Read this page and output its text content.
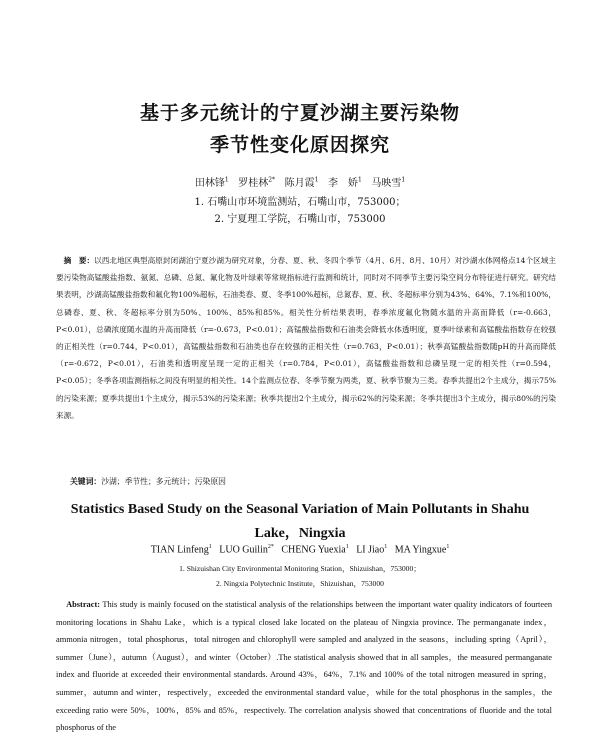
基于多元统计的宁夏沙湖主要污染物
季节性变化原因探究
田林锋$^1$ 罗桂林$^{2*}$ 陈月霞$^1$ 李　娇$^1$ 马映雪$^1$
1. 石嘴山市环境监测站，石嘴山市，753000；
2. 宁夏理工学院，石嘴山市，753000
摘　要：以西北地区典型高原封闭湖泊宁夏沙湖为研究对象，分春、夏、秋、冬四个季节（4月、6月、8月、10月）对沙湖水体网格点14个区域主要污染物高锰酸盐指数、氨氮、总磷、总氮、氟化物及叶绿素等常规指标进行监测和统计，同时对不同季节主要污染空间分布特征进行研究。研究结果表明，沙湖高锰酸盐指数和氟化物100%超标，石油类春、夏、冬季100%超标，总氮春、夏、秋、冬超标率分别为43%、64%、7.1%和100%，总磷春、夏、秋、冬超标率分别为50%、100%、85%和85%。相关性分析结果表明，春季浓度氟化物随水温的升高而降低（r=-0.663，P<0.01），总磷浓度随水温的升高而降低（r=-0.673，P<0.01）；高锰酸盐指数和石油类会降低水体透明度，夏季叶绿素和高锰酸盐指数存在较强的正相关性（r=0.744，P<0.01），高锰酸盐指数和石油类也存在较强的正相关性（r=0.763，P<0.01）；秋季高锰酸盐指数随pH的升高而降低（r=-0.672，P<0.01），石油类和透明度呈现一定的正相关（r=0.784，P<0.01），高锰酸盐指数和总磷呈现一定的相关性（r=0.594，P<0.05）；冬季各项监测指标之间没有明显的相关性。14个监测点位春、冬季节聚为两类，夏、秋季节聚为三类。春季共提出2个主成分，揭示75%的污染来源；夏季共提出1个主成分，揭示53%的污染来源；秋季共提出2个主成分，揭示62%的污染来源；冬季共提出3个主成分，揭示80%的污染来源。
关键词：沙湖；季节性；多元统计；污染原因
Statistics Based Study on the Seasonal Variation of Main Pollutants in Shahu
Lake，Ningxia
TIAN Linfeng$^1$ LUO Guilin$^{2*}$ CHENG Yuexia$^1$ LI Jiao$^1$ MA Yingxue$^1$
1. Shizuishan City Environmental Monitoring Station，Shizuishan，753000；
2. Ningxia Polytechnic Institute，Shizuishan，753000
Abstract: This study is mainly focused on the statistical analysis of the relationships between the important water quality indicators of fourteen monitoring locations in Shahu Lake，which is a typical closed lake located on the plateau of Ningxia province. The permanganate index，ammonia nitrogen，total phosphorus，total nitrogen and chlorophyll were sampled and analyzed in the seasons，including spring（April），summer（June），autumn（August），and winter（October）.The statistical analysis showed that in all samples，the measured permanganate index and fluoride at exceeded their environmental standards. Around 43%，64%，7.1% and 100% of the total nitrogen measured in spring，summer，autumn and winter，respectively，exceeded the environmental standard value，while for the total phosphorus in the samples，the exceeding ratio were 50%，100%，85% and 85%，respectively. The correlation analysis showed that concentrations of fluoride and the total phosphorus of the
